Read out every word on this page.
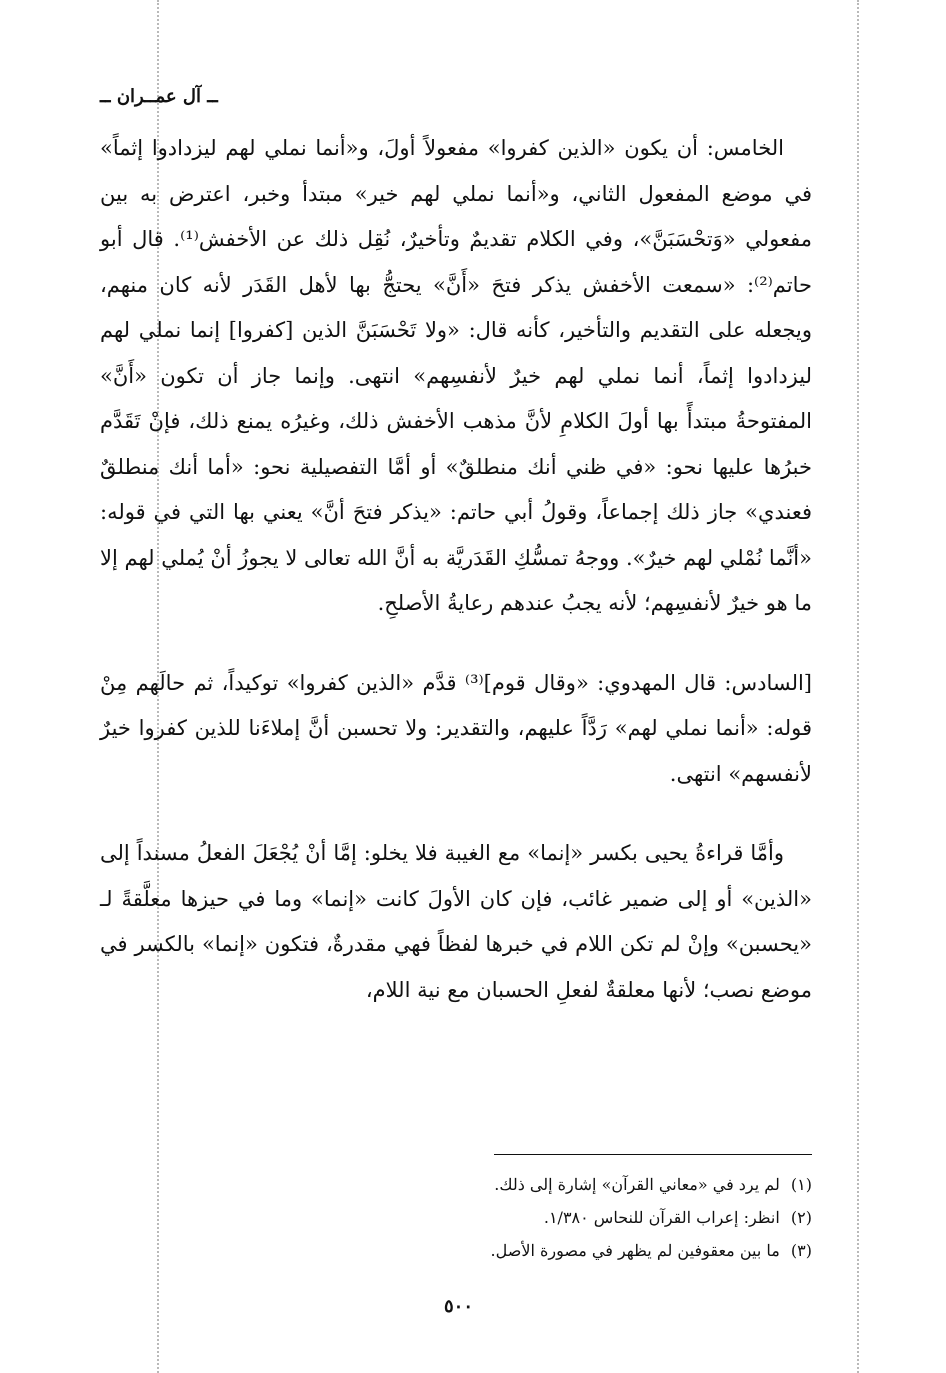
ــ آل عمــران ــ

الخامس: أن يكون «الذين كفروا» مفعولاً أولَ، و«أنما نملي لهم ليزدادوا إثماً» في موضع المفعول الثاني، و«أنما نملي لهم خير» مبتدأ وخبر، اعترض به بين مفعولي «وَتحْسَبَنَّ»، وفي الكلام تقديمٌ وتأخيرٌ، نُقِل ذلك عن الأخفش⁽¹⁾. قال أبو حاتم⁽²⁾: «سمعت الأخفش يذكر فتحَ «أَنَّ» يحتجُّ بها لأهل القَدَر لأنه كان منهم، ويجعله على التقديم والتأخير، كأنه قال: «ولا تَحْسَبَنَّ الذين [كفروا] إنما نملي لهم ليزدادوا إثماً، أنما نملي لهم خيرٌ لأنفسِهم» انتهى. وإنما جاز أن تكون «أَنَّ» المفتوحةُ مبتدأً بها أولَ الكلامِ لأنَّ مذهب الأخفش ذلك، وغيرُه يمنع ذلك، فإنْ تَقَدَّم خبرُها عليها نحو: «في ظني أنك منطلقٌ» أو أمَّا التفصيلية نحو: «أما أنك منطلقٌ فعندي» جاز ذلك إجماعاً، وقولُ أبي حاتم: «يذكر فتحَ أنَّ» يعني بها التي في قوله: «أنَّما نُمْلي لهم خيرٌ». ووجهُ تمسُّكِ القَدَريَّة به أنَّ الله تعالى لا يجوزُ أنْ يُملي لهم إلا ما هو خيرٌ لأنفسِهم؛ لأنه يجبُ عندهم رعايةُ الأصلحِ.

[السادس: قال المهدوي: «وقال قوم]⁽³⁾ قدَّم «الذين كفروا» توكيداً، ثم حالَهم مِنْ قوله: «أنما نملي لهم» رَدَّاً عليهم، والتقدير: ولا تحسبن أنَّ إملاءَنا للذين كفروا خيرٌ لأنفسهم» انتهى.

وأمَّا قراءةُ يحيى بكسر «إنما» مع الغيبة فلا يخلو: إمَّا أنْ يُجْعَلَ الفعلُ مسنداً إلى «الذين» أو إلى ضمير غائب، فإن كان الأولَ كانت «إنما» وما في حيزها معلَّقةً لـ «يحسبن» وإنْ لم تكن اللام في خبرها لفظاً فهي مقدرةٌ، فتكون «إنما» بالكسر في موضع نصب؛ لأنها معلقةٌ لفعلِ الحسبان مع نية اللام،

(١) لم يرد في «معاني القرآن» إشارة إلى ذلك.

(٢) انظر: إعراب القرآن للنحاس ١/٣٨٠.

(٣) ما بين معقوفين لم يظهر في مصورة الأصل.

٥٠٠
